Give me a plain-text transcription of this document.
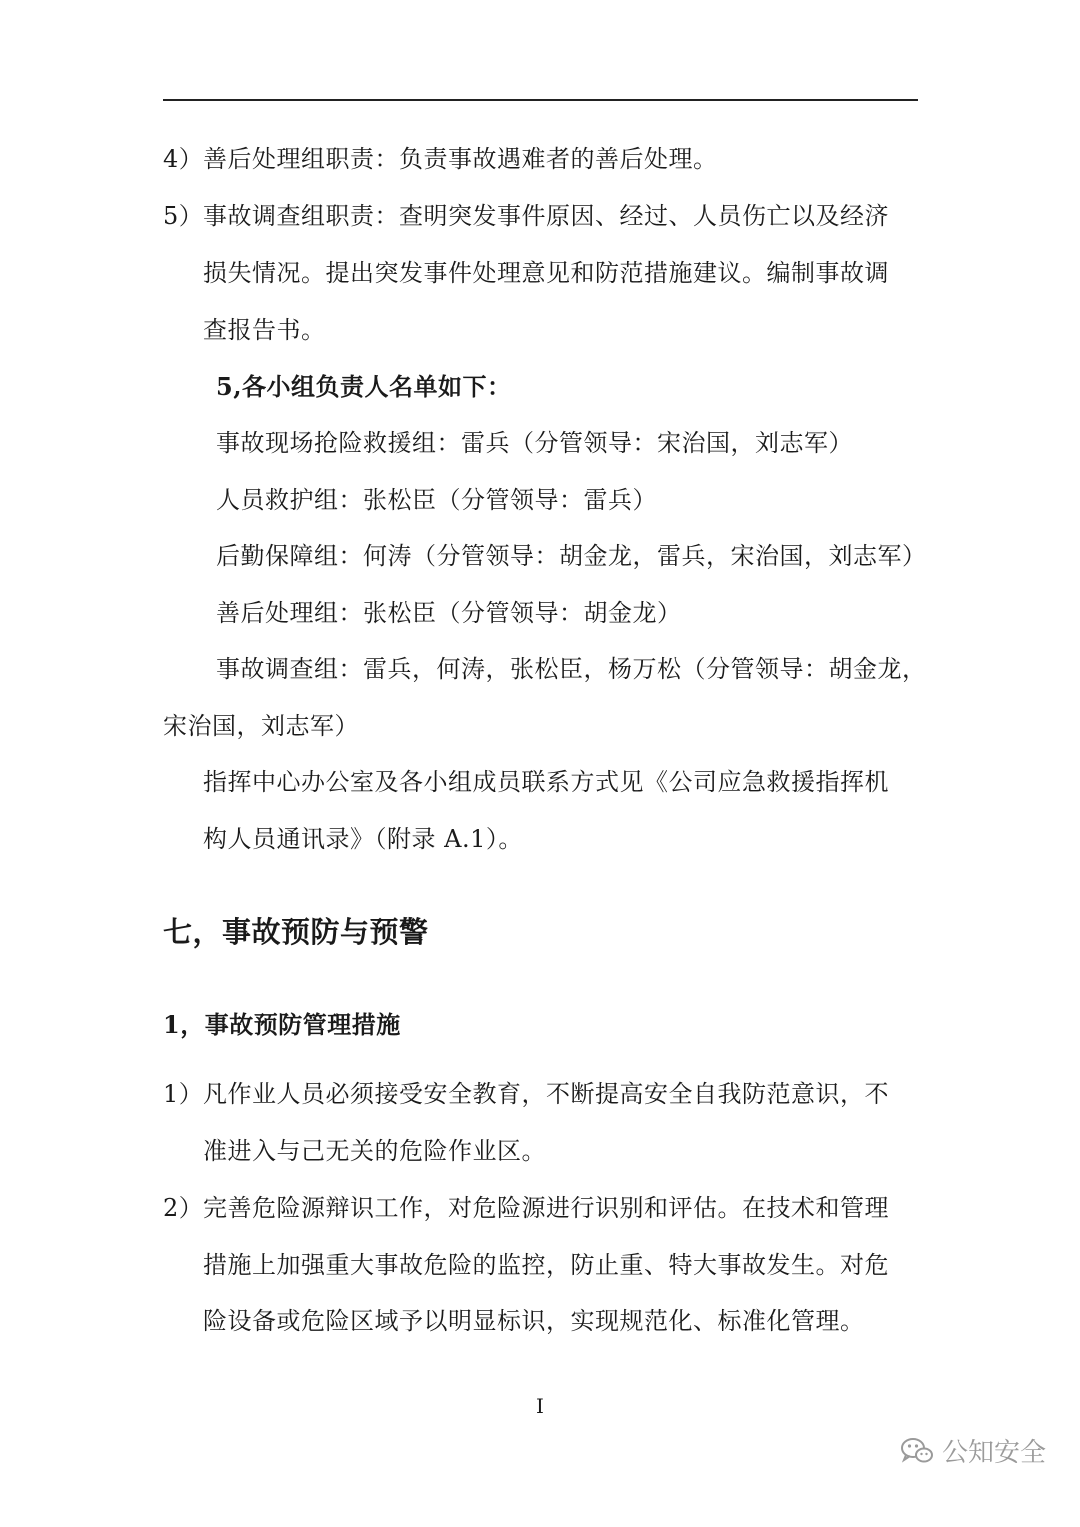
4）善后处理组职责：负责事故遇难者的善后处理。
5）事故调查组职责：查明突发事件原因、经过、人员伤亡以及经济
损失情况。提出突发事件处理意见和防范措施建议。编制事故调
查报告书。
5,各小组负责人名单如下：
事故现场抢险救援组：雷兵（分管领导：宋治国，刘志军）
人员救护组：张松臣（分管领导：雷兵）
后勤保障组：何涛（分管领导：胡金龙，雷兵，宋治国，刘志军）
善后处理组：张松臣（分管领导：胡金龙）
事故调查组：雷兵，何涛，张松臣，杨万松（分管领导：胡金龙，
宋治国，刘志军）
指挥中心办公室及各小组成员联系方式见《公司应急救援指挥机
构人员通讯录》（附录 A.1）。
七，事故预防与预警
1，事故预防管理措施
1）凡作业人员必须接受安全教育，不断提高安全自我防范意识，不
准进入与己无关的危险作业区。
2）完善危险源辩识工作，对危险源进行识别和评估。在技术和管理
措施上加强重大事故危险的监控，防止重、特大事故发生。对危
险设备或危险区域予以明显标识，实现规范化、标准化管理。
I
公知安全
